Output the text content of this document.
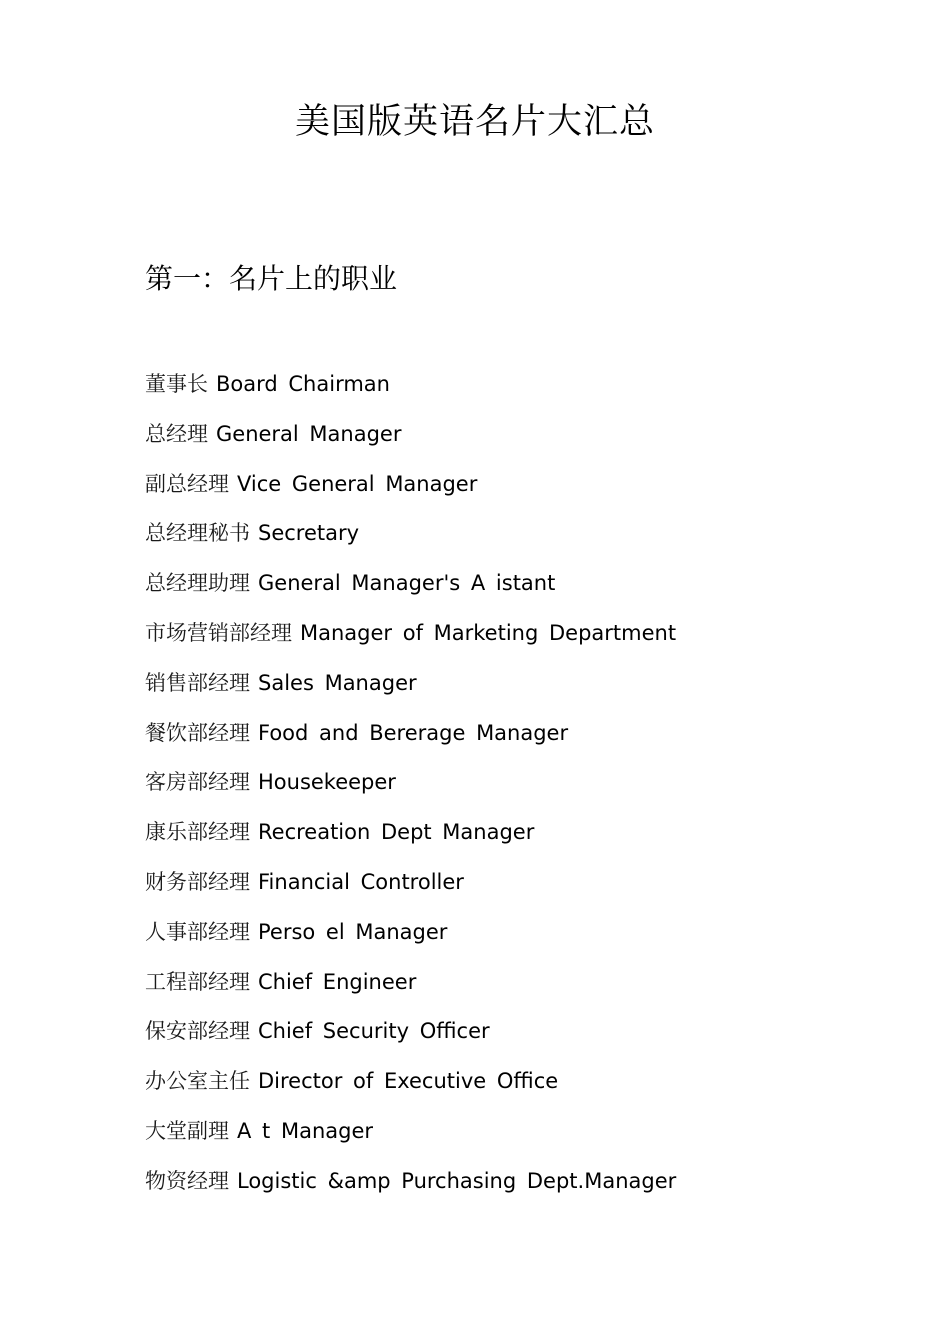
美国版英语名片大汇总
第一：名片上的职业
董事长 Board Chairman
总经理 General Manager
副总经理 Vice General Manager
总经理秘书 Secretary
总经理助理 General Manager's A istant
市场营销部经理 Manager of Marketing Department
销售部经理 Sales Manager
餐饮部经理 Food and Bererage Manager
客房部经理 Housekeeper
康乐部经理 Recreation Dept Manager
财务部经理 Financial Controller
人事部经理 Perso el Manager
工程部经理 Chief Engineer
保安部经理 Chief Security Officer
办公室主任 Director of Executive Office
大堂副理 A t Manager
物资经理 Logistic &amp Purchasing Dept.Manager
